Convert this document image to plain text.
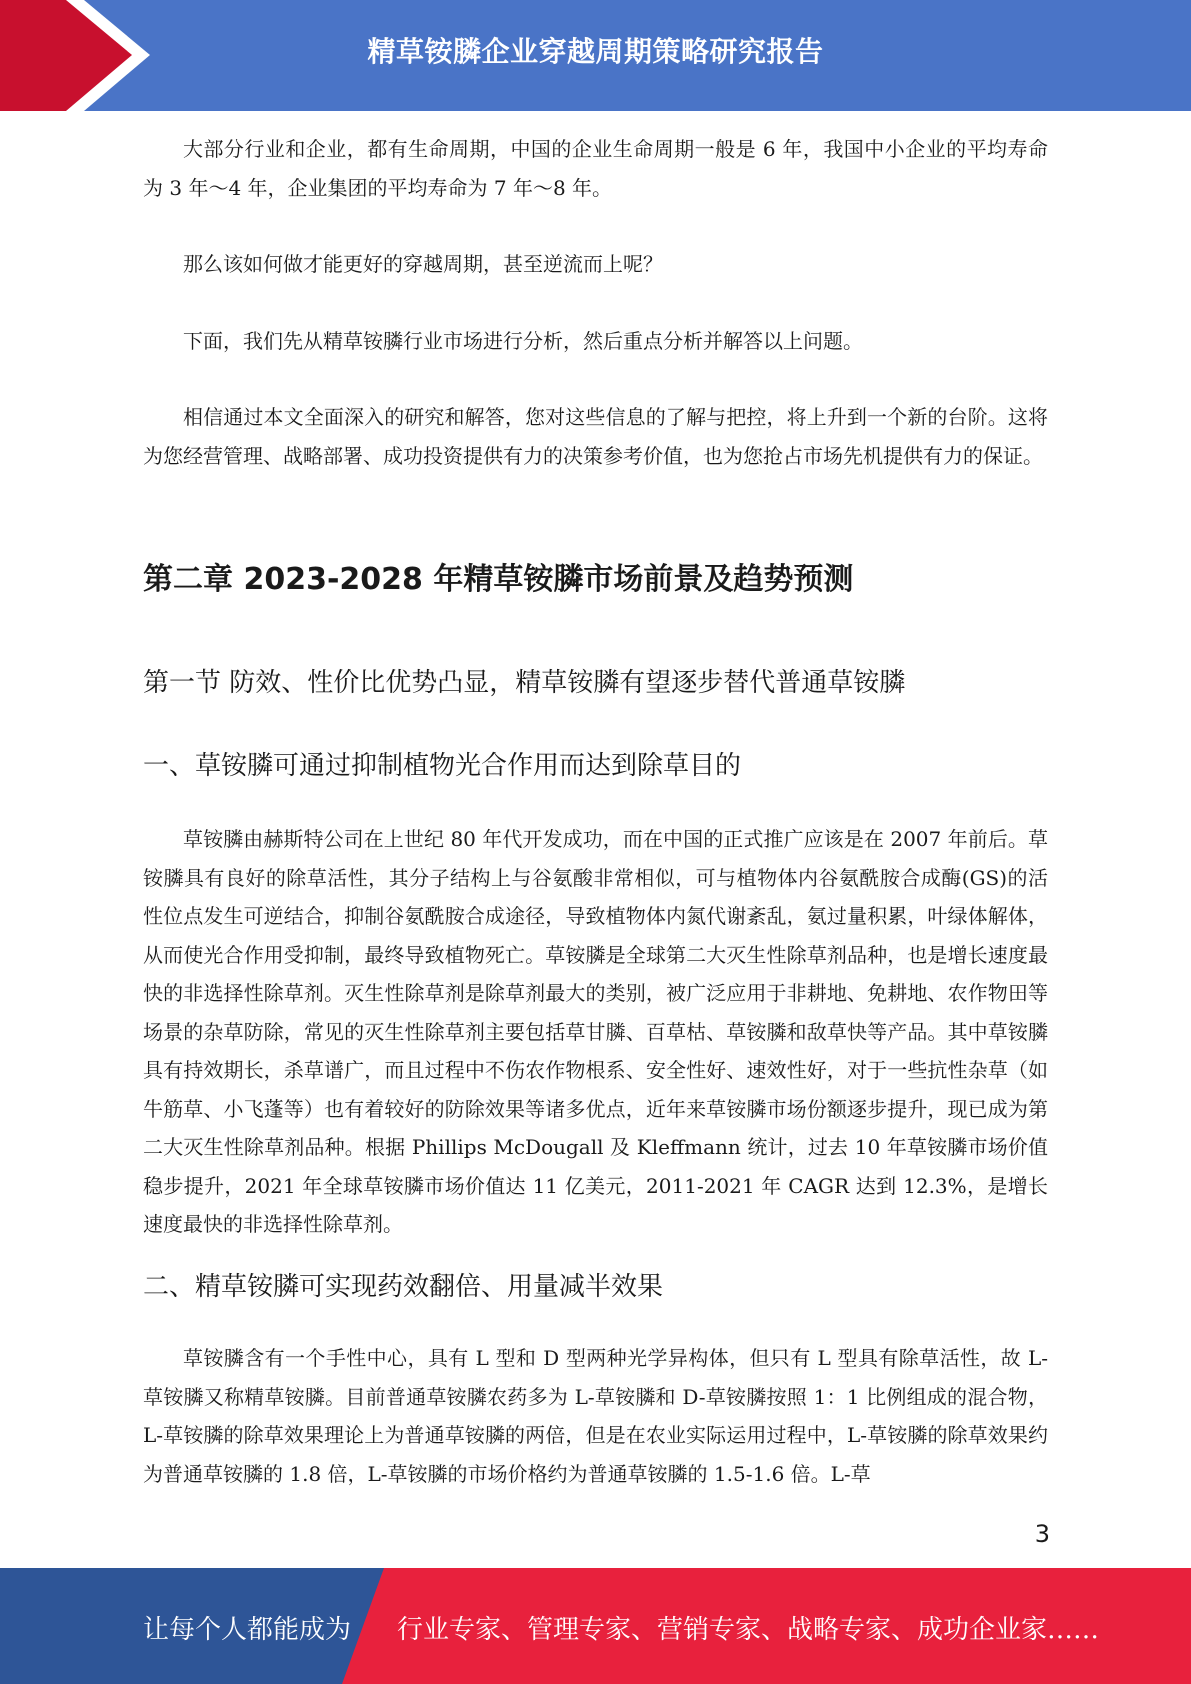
精草铵膦企业穿越周期策略研究报告

大部分行业和企业，都有生命周期，中国的企业生命周期一般是 6 年，我国中小企业的平均寿命为 3 年～4 年，企业集团的平均寿命为 7 年～8 年。

那么该如何做才能更好的穿越周期，甚至逆流而上呢？

下面，我们先从精草铵膦行业市场进行分析，然后重点分析并解答以上问题。

相信通过本文全面深入的研究和解答，您对这些信息的了解与把控，将上升到一个新的台阶。这将为您经营管理、战略部署、成功投资提供有力的决策参考价值，也为您抢占市场先机提供有力的保证。

第二章 2023-2028 年精草铵膦市场前景及趋势预测
第一节 防效、性价比优势凸显，精草铵膦有望逐步替代普通草铵膦
一、草铵膦可通过抑制植物光合作用而达到除草目的

草铵膦由赫斯特公司在上世纪 80 年代开发成功，而在中国的正式推广应该是在 2007 年前后。草铵膦具有良好的除草活性，其分子结构上与谷氨酸非常相似，可与植物体内谷氨酰胺合成酶(GS)的活性位点发生可逆结合，抑制谷氨酰胺合成途径，导致植物体内氮代谢紊乱，氨过量积累，叶绿体解体，从而使光合作用受抑制，最终导致植物死亡。草铵膦是全球第二大灭生性除草剂品种，也是增长速度最快的非选择性除草剂。灭生性除草剂是除草剂最大的类别，被广泛应用于非耕地、免耕地、农作物田等场景的杂草防除，常见的灭生性除草剂主要包括草甘膦、百草枯、草铵膦和敌草快等产品。其中草铵膦具有持效期长，杀草谱广，而且过程中不伤农作物根系、安全性好、速效性好，对于一些抗性杂草（如牛筋草、小飞蓬等）也有着较好的防除效果等诸多优点，近年来草铵膦市场份额逐步提升，现已成为第二大灭生性除草剂品种。根据 Phillips McDougall 及 Kleffmann 统计，过去 10 年草铵膦市场价值稳步提升，2021 年全球草铵膦市场价值达 11 亿美元，2011-2021 年 CAGR 达到 12.3%，是增长速度最快的非选择性除草剂。

二、精草铵膦可实现药效翻倍、用量减半效果

草铵膦含有一个手性中心，具有 L 型和 D 型两种光学异构体，但只有 L 型具有除草活性，故 L-草铵膦又称精草铵膦。目前普通草铵膦农药多为 L-草铵膦和 D-草铵膦按照 1：1 比例组成的混合物，L-草铵膦的除草效果理论上为普通草铵膦的两倍，但是在农业实际运用过程中，L-草铵膦的除草效果约为普通草铵膦的 1.8 倍，L-草铵膦的市场价格约为普通草铵膦的 1.5-1.6 倍。L-草

3
让每个人都能成为 行业专家、管理专家、营销专家、战略专家、成功企业家……
